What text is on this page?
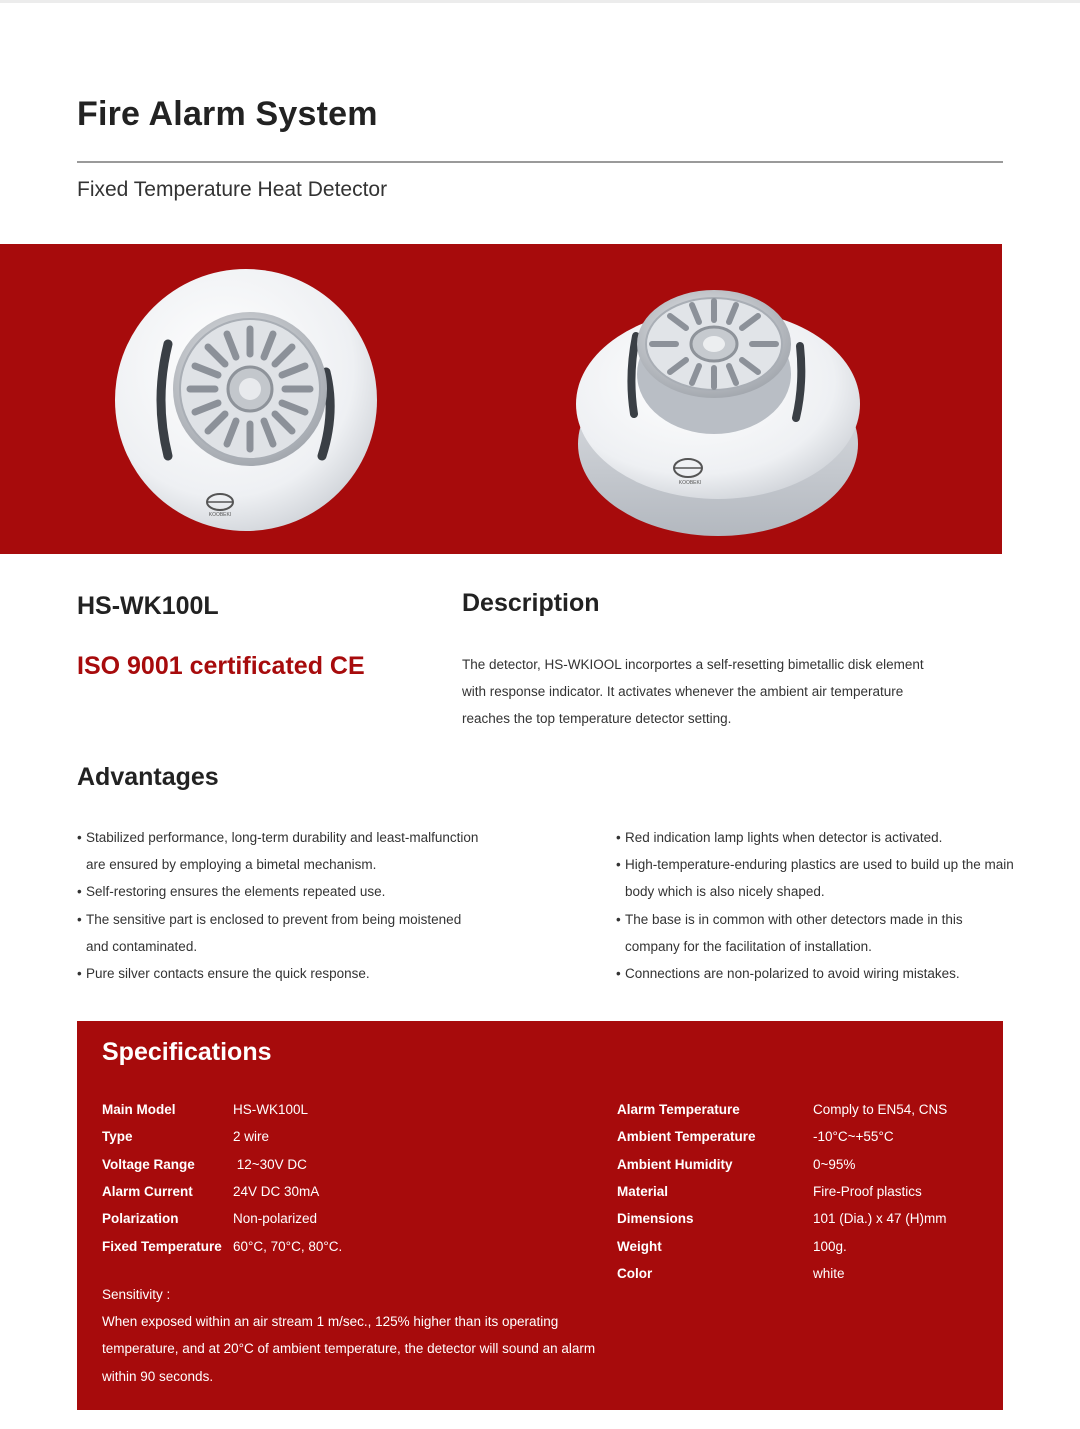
Fire Alarm System
Fixed Temperature Heat Detector
KOOBEKI
KOOBEKI
HS-WK100L
ISO 9001 certificated CE
Description

The detector, HS-WKIOOL incorportes a self-resetting bimetallic disk element with response indicator. It activates whenever the ambient air temperature reaches the top temperature detector setting.

Advantages
• Stabilized performance, long-term durability and least-malfunction are ensured by employing a bimetal mechanism.
• Self-restoring ensures the elements repeated use.
• The sensitive part is enclosed to prevent from being moistened and contaminated.
• Pure silver contacts ensure the quick response.
• Red indication lamp lights when detector is activated.
• High-temperature-enduring plastics are used to build up the main body which is also nicely shaped.
• The base is in common with other detectors made in this company for the facilitation of installation.
• Connections are non-polarized to avoid wiring mistakes.
Specifications
Main Model	HS-WK100L
Type	2 wire
Voltage Range	12~30V DC
Alarm Current	24V DC 30mA
Polarization	Non-polarized
Fixed Temperature	60°C, 70°C, 80°C.
Alarm Temperature	Comply to EN54, CNS
Ambient Temperature	-10°C~+55°C
Ambient Humidity	0~95%
Material	Fire-Proof plastics
Dimensions	101 (Dia.) x 47 (H)mm
Weight	100g.
Color	white

Sensitivity :
When exposed within an air stream 1 m/sec., 125% higher than its operating temperature, and at 20°C of ambient temperature, the detector will sound an alarm within 90 seconds.
